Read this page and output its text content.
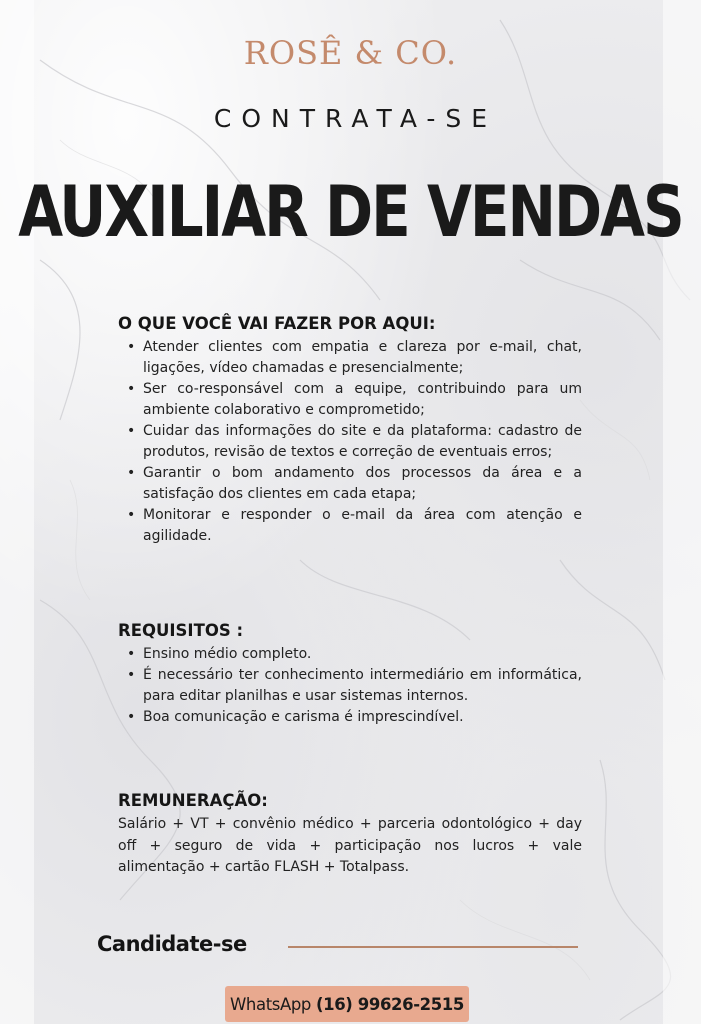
ROSÊ & CO.
CONTRATA-SE
AUXILIAR DE VENDAS
O QUE VOCÊ VAI FAZER POR AQUI:
• Atender clientes com empatia e clareza por e-mail, chat, ligações, vídeo chamadas e presencialmente;
• Ser co-responsável com a equipe, contribuindo para um ambiente colaborativo e comprometido;
• Cuidar das informações do site e da plataforma: cadastro de produtos, revisão de textos e correção de eventuais erros;
• Garantir o bom andamento dos processos da área e a satisfação dos clientes em cada etapa;
• Monitorar e responder o e-mail da área com atenção e agilidade.
REQUISITOS :
• Ensino médio completo.
• É necessário ter conhecimento intermediário em informática, para editar planilhas e usar sistemas internos.
• Boa comunicação e carisma é imprescindível.
REMUNERAÇÃO:
Salário + VT + convênio médico + parceria odontológico + day off + seguro de vida + participação nos lucros + vale alimentação + cartão FLASH + Totalpass.
Candidate-se
WhatsApp (16) 99626-2515
